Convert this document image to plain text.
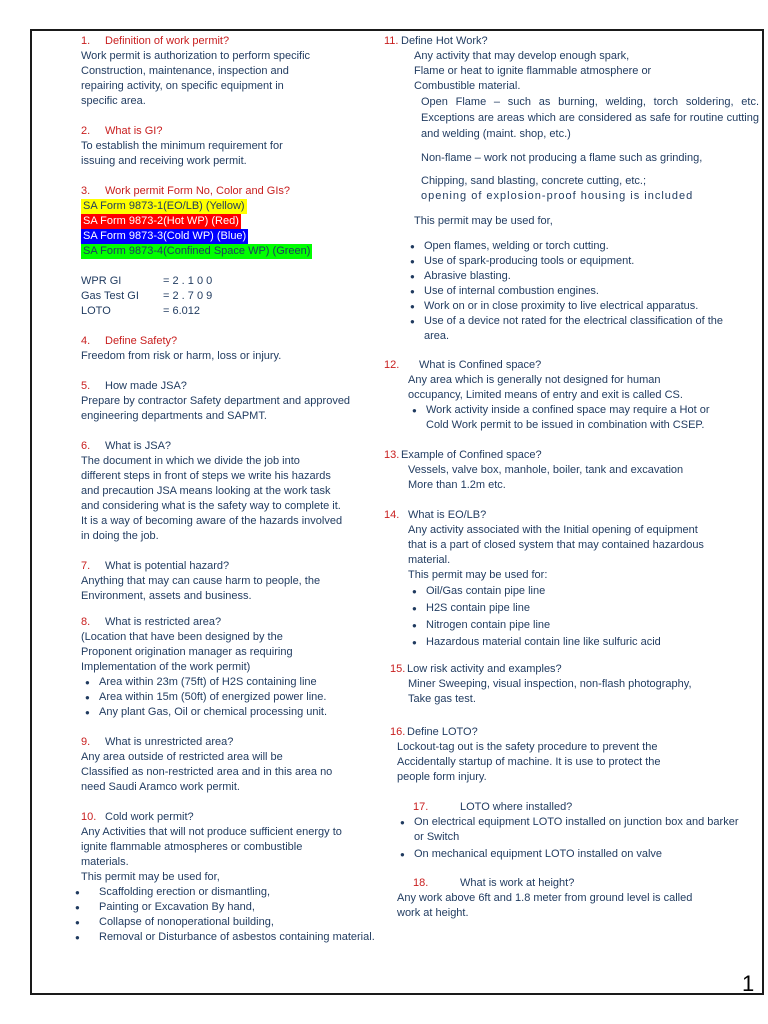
1. Definition of work permit?

Work permit is authorization to perform specific

Construction, maintenance, inspection and

repairing activity, on specific equipment in

specific area.

2. What is GI?

To establish the minimum requirement for

issuing and receiving work permit.

3. Work permit Form No, Color and GIs?

SA Form 9873-1(EO/LB) (Yellow)

SA Form 9873-2(Hot WP) (Red)

SA Form 9873-3(Cold WP) (Blue)

SA Form 9873-4(Confined Space WP) (Green)

WPR GI	= 2 . 1 0 0
Gas Test GI	= 2 . 7 0 9
LOTO	= 6.012

4. Define Safety?

Freedom from risk or harm, loss or injury.

5. How made JSA?

Prepare by contractor Safety department and approved

engineering departments and SAPMT.

6. What is JSA?

The document in which we divide the job into

different steps in front of steps we write his hazards

and precaution JSA means looking at the work task

and considering what is the safety way to complete it.

It is a way of becoming aware of the hazards involved

in doing the job.

7. What is potential hazard?

Anything that may can cause harm to people, the

Environment, assets and business.

8. What is restricted area?

(Location that have been designed by the

Proponent origination manager as requiring

Implementation of the work permit)

● Area within 23m (75ft) of H2S containing line
● Area within 15m (50ft) of energized power line.
● Any plant Gas, Oil or chemical processing unit.

9. What is unrestricted area?

Any area outside of restricted area will be

Classified as non-restricted area and in this area no

need Saudi Aramco work permit.

10. Cold work permit?

Any Activities that will not produce sufficient energy to

ignite flammable atmospheres or combustible

materials.

This permit may be used for,

● Scaffolding erection or dismantling,
● Painting or Excavation By hand,
● Collapse of nonoperational building,
● Removal or Disturbance of asbestos containing material.

11. Define Hot Work?

Any activity that may develop enough spark,

Flame or heat to ignite flammable atmosphere or

Combustible material.

Open Flame – such as burning, welding, torch soldering, etc. Exceptions are areas which are considered as safe for routine cutting and welding (maint. shop, etc.)

Non-flame – work not producing a flame such as grinding,

Chipping, sand blasting, concrete cutting, etc.;

opening of explosion-proof housing is included

This permit may be used for,

● Open flames, welding or torch cutting.
● Use of spark-producing tools or equipment.
● Abrasive blasting.
● Use of internal combustion engines.
● Work on or in close proximity to live electrical apparatus.
● Use of a device not rated for the electrical classification of the area.

12. What is Confined space?

Any area which is generally not designed for human

occupancy, Limited means of entry and exit is called CS.

● Work activity inside a confined space may require a Hot or Cold Work permit to be issued in combination with CSEP.

13. Example of Confined space?

Vessels, valve box, manhole, boiler, tank and excavation

More than 1.2m etc.

14. What is EO/LB?

Any activity associated with the Initial opening of equipment

that is a part of closed system that may contained hazardous

material.

This permit may be used for:

● Oil/Gas contain pipe line
● H2S contain pipe line
● Nitrogen contain pipe line
● Hazardous material contain line like sulfuric acid

15. Low risk activity and examples?

Miner Sweeping, visual inspection, non-flash photography,

Take gas test.

16. Define LOTO?

Lockout-tag out is the safety procedure to prevent the

Accidentally startup of machine. It is use to protect the

people form injury.

17.	LOTO where installed?

● On electrical equipment LOTO installed on junction box and barker or Switch
● On mechanical equipment LOTO installed on valve

18.	What is work at height?

Any work above 6ft and 1.8 meter from ground level is called

work at height.

1
